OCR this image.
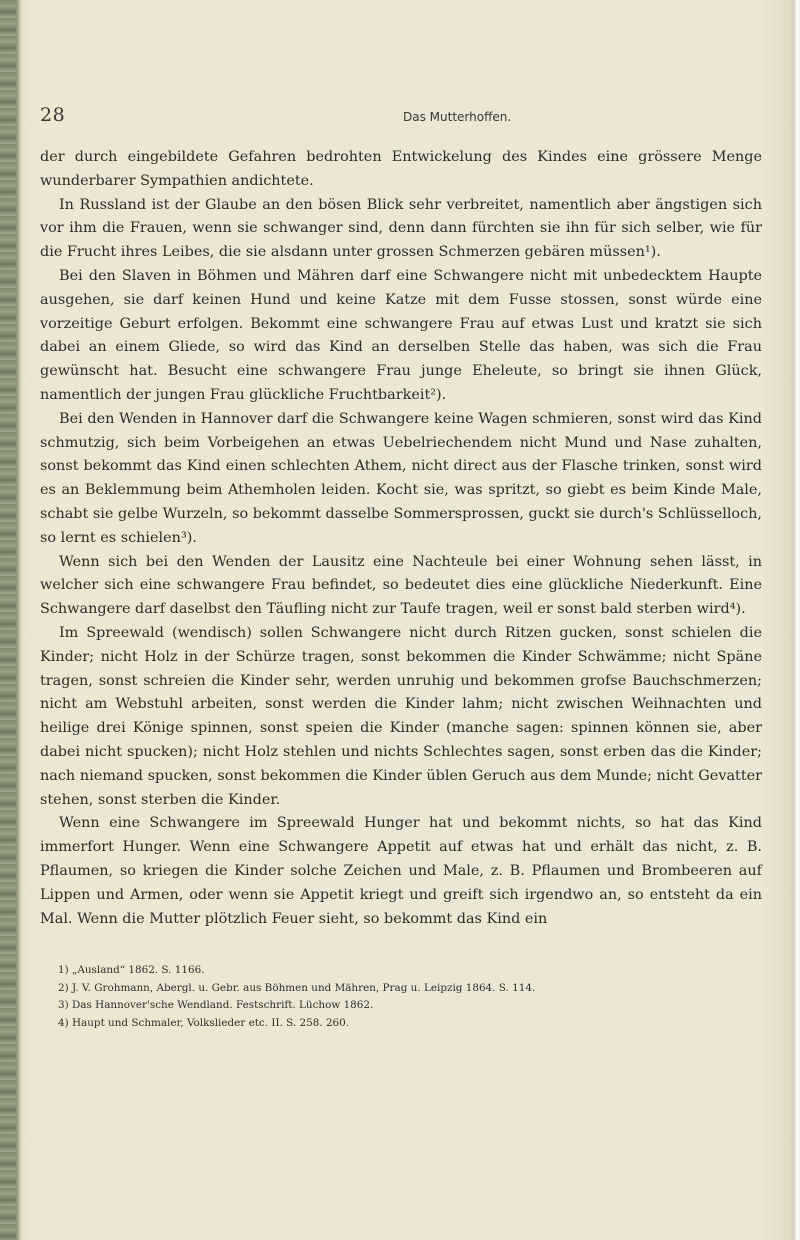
28	Das Mutterhoffen.

der durch eingebildete Gefahren bedrohten Entwickelung des Kindes eine grössere Menge wunderbarer Sympathien andichtete.

In Russland ist der Glaube an den bösen Blick sehr verbreitet, namentlich aber ängstigen sich vor ihm die Frauen, wenn sie schwanger sind, denn dann fürchten sie ihn für sich selber, wie für die Frucht ihres Leibes, die sie alsdann unter grossen Schmerzen gebären müssen¹).

Bei den Slaven in Böhmen und Mähren darf eine Schwangere nicht mit unbedecktem Haupte ausgehen, sie darf keinen Hund und keine Katze mit dem Fusse stossen, sonst würde eine vorzeitige Geburt erfolgen. Bekommt eine schwangere Frau auf etwas Lust und kratzt sie sich dabei an einem Gliede, so wird das Kind an derselben Stelle das haben, was sich die Frau gewünscht hat. Besucht eine schwangere Frau junge Eheleute, so bringt sie ihnen Glück, namentlich der jungen Frau glückliche Fruchtbarkeit²).

Bei den Wenden in Hannover darf die Schwangere keine Wagen schmieren, sonst wird das Kind schmutzig, sich beim Vorbeigehen an etwas Uebelriechendem nicht Mund und Nase zuhalten, sonst bekommt das Kind einen schlechten Athem, nicht direct aus der Flasche trinken, sonst wird es an Beklemmung beim Athemholen leiden. Kocht sie, was spritzt, so giebt es beim Kinde Male, schabt sie gelbe Wurzeln, so bekommt dasselbe Sommersprossen, guckt sie durch's Schlüsselloch, so lernt es schielen³).

Wenn sich bei den Wenden der Lausitz eine Nachteule bei einer Wohnung sehen lässt, in welcher sich eine schwangere Frau befindet, so bedeutet dies eine glückliche Niederkunft. Eine Schwangere darf daselbst den Täufling nicht zur Taufe tragen, weil er sonst bald sterben wird⁴).

Im Spreewald (wendisch) sollen Schwangere nicht durch Ritzen gucken, sonst schielen die Kinder; nicht Holz in der Schürze tragen, sonst bekommen die Kinder Schwämme; nicht Späne tragen, sonst schreien die Kinder sehr, werden unruhig und bekommen grofse Bauchschmerzen; nicht am Webstuhl arbeiten, sonst werden die Kinder lahm; nicht zwischen Weihnachten und heilige drei Könige spinnen, sonst speien die Kinder (manche sagen: spinnen können sie, aber dabei nicht spucken); nicht Holz stehlen und nichts Schlechtes sagen, sonst erben das die Kinder; nach niemand spucken, sonst bekommen die Kinder üblen Geruch aus dem Munde; nicht Gevatter stehen, sonst sterben die Kinder.

Wenn eine Schwangere im Spreewald Hunger hat und bekommt nichts, so hat das Kind immerfort Hunger. Wenn eine Schwangere Appetit auf etwas hat und erhält das nicht, z. B. Pflaumen, so kriegen die Kinder solche Zeichen und Male, z. B. Pflaumen und Brombeeren auf Lippen und Armen, oder wenn sie Appetit kriegt und greift sich irgendwo an, so entsteht da ein Mal. Wenn die Mutter plötzlich Feuer sieht, so bekommt das Kind ein

1) „Ausland“ 1862. S. 1166.
2) J. V. Grohmann, Abergl. u. Gebr. aus Böhmen und Mähren, Prag u. Leipzig 1864. S. 114.
3) Das Hannover'sche Wendland. Festschrift. Lüchow 1862.
4) Haupt und Schmaler, Volkslieder etc. II. S. 258. 260.
